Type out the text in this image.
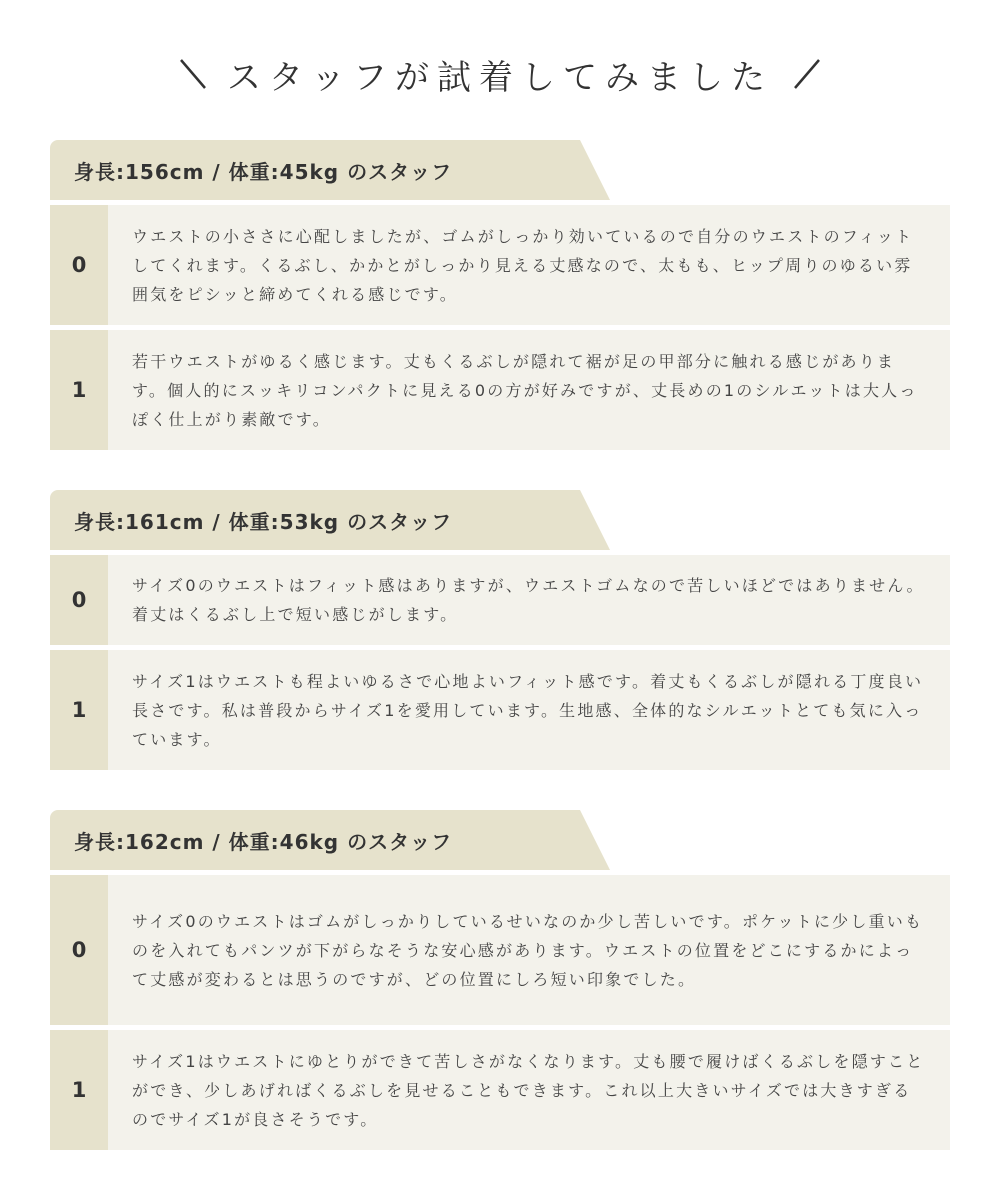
スタッフが試着してみました
身長:156cm / 体重:45kg のスタッフ
0
ウエストの小ささに心配しましたが、ゴムがしっかり効いているので自分のウエストのフィットしてくれます。くるぶし、かかとがしっかり見える丈感なので、太もも、ヒップ周りのゆるい雰囲気をピシッと締めてくれる感じです。
1
若干ウエストがゆるく感じます。丈もくるぶしが隠れて裾が足の甲部分に触れる感じがあります。個人的にスッキリコンパクトに見える0の方が好みですが、丈長めの1のシルエットは大人っぽく仕上がり素敵です。
身長:161cm / 体重:53kg のスタッフ
0
サイズ0のウエストはフィット感はありますが、ウエストゴムなので苦しいほどではありません。着丈はくるぶし上で短い感じがします。
1
サイズ1はウエストも程よいゆるさで心地よいフィット感です。着丈もくるぶしが隠れる丁度良い長さです。私は普段からサイズ1を愛用しています。生地感、全体的なシルエットとても気に入っています。
身長:162cm / 体重:46kg のスタッフ
0
サイズ0のウエストはゴムがしっかりしているせいなのか少し苦しいです。ポケットに少し重いものを入れてもパンツが下がらなそうな安心感があります。ウエストの位置をどこにするかによって丈感が変わるとは思うのですが、どの位置にしろ短い印象でした。
1
サイズ1はウエストにゆとりができて苦しさがなくなります。丈も腰で履けばくるぶしを隠すことができ、少しあげればくるぶしを見せることもできます。これ以上大きいサイズでは大きすぎるのでサイズ1が良さそうです。
